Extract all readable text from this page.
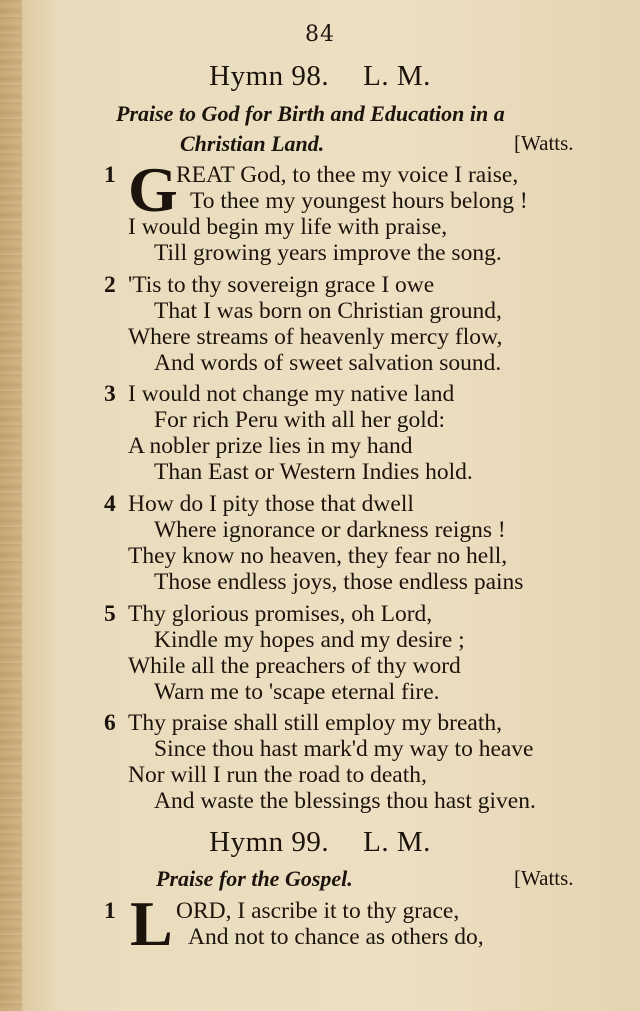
84
Hymn 98. L. M.
Praise to God for Birth and Education in a
Christian Land.	[Watts.
1 G
REAT God, to thee my voice I raise,
To thee my youngest hours belong !
I would begin my life with praise,
Till growing years improve the song.
2 'Tis to thy sovereign grace I owe
That I was born on Christian ground,
Where streams of heavenly mercy flow,
And words of sweet salvation sound.
3 I would not change my native land
For rich Peru with all her gold:
A nobler prize lies in my hand
Than East or Western Indies hold.
4 How do I pity those that dwell
Where ignorance or darkness reigns !
They know no heaven, they fear no hell,
Those endless joys, those endless pains
5 Thy glorious promises, oh Lord,
Kindle my hopes and my desire ;
While all the preachers of thy word
Warn me to 'scape eternal fire.
6 Thy praise shall still employ my breath,
Since thou hast mark'd my way to heave
Nor will I run the road to death,
And waste the blessings thou hast given.
Hymn 99. L. M.
Praise for the Gospel.	[Watts.
1 L ORD, I ascribe it to thy grace,
And not to chance as others do,
